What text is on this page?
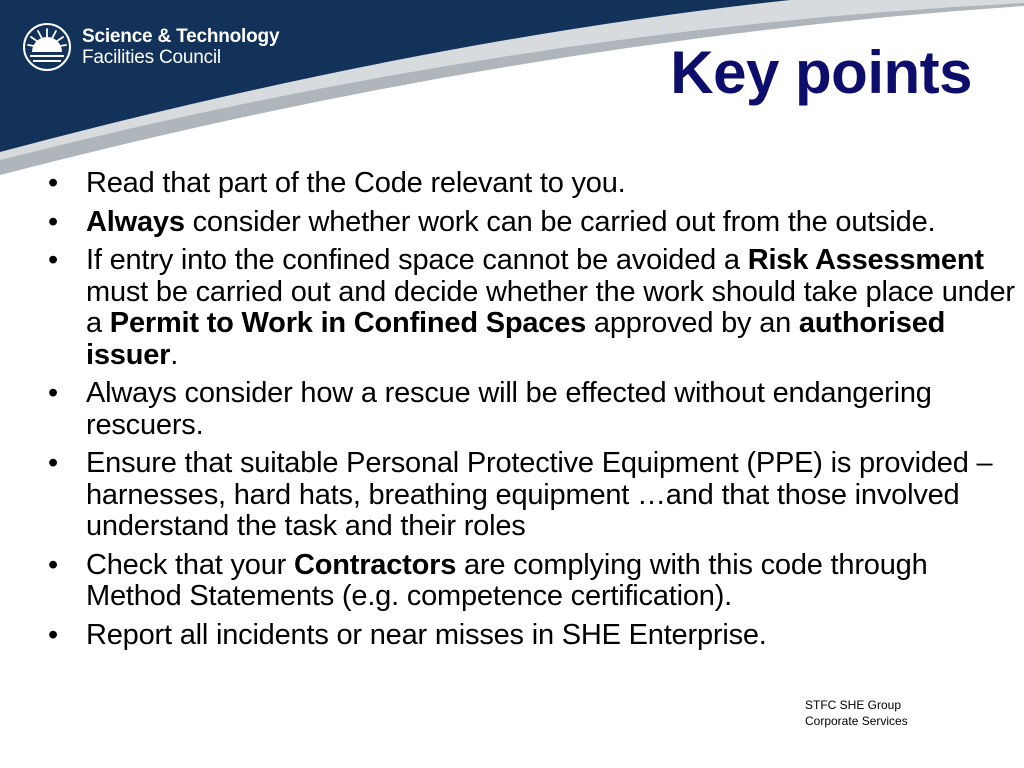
Science & Technology
Facilities Council	Key points
• Read that part of the Code relevant to you.
• Always consider whether work can be carried out from the outside.
• If entry into the confined space cannot be avoided a Risk Assessment must be carried out and decide whether the work should take place under a Permit to Work in Confined Spaces approved by an authorised issuer.
• Always consider how a rescue will be effected without endangering rescuers.
• Ensure that suitable Personal Protective Equipment (PPE) is provided – harnesses, hard hats, breathing equipment …and that those involved understand the task and their roles
• Check that your Contractors are complying with this code through Method Statements (e.g. competence certification).
• Report all incidents or near misses in SHE Enterprise.
STFC SHE Group
Corporate Services
